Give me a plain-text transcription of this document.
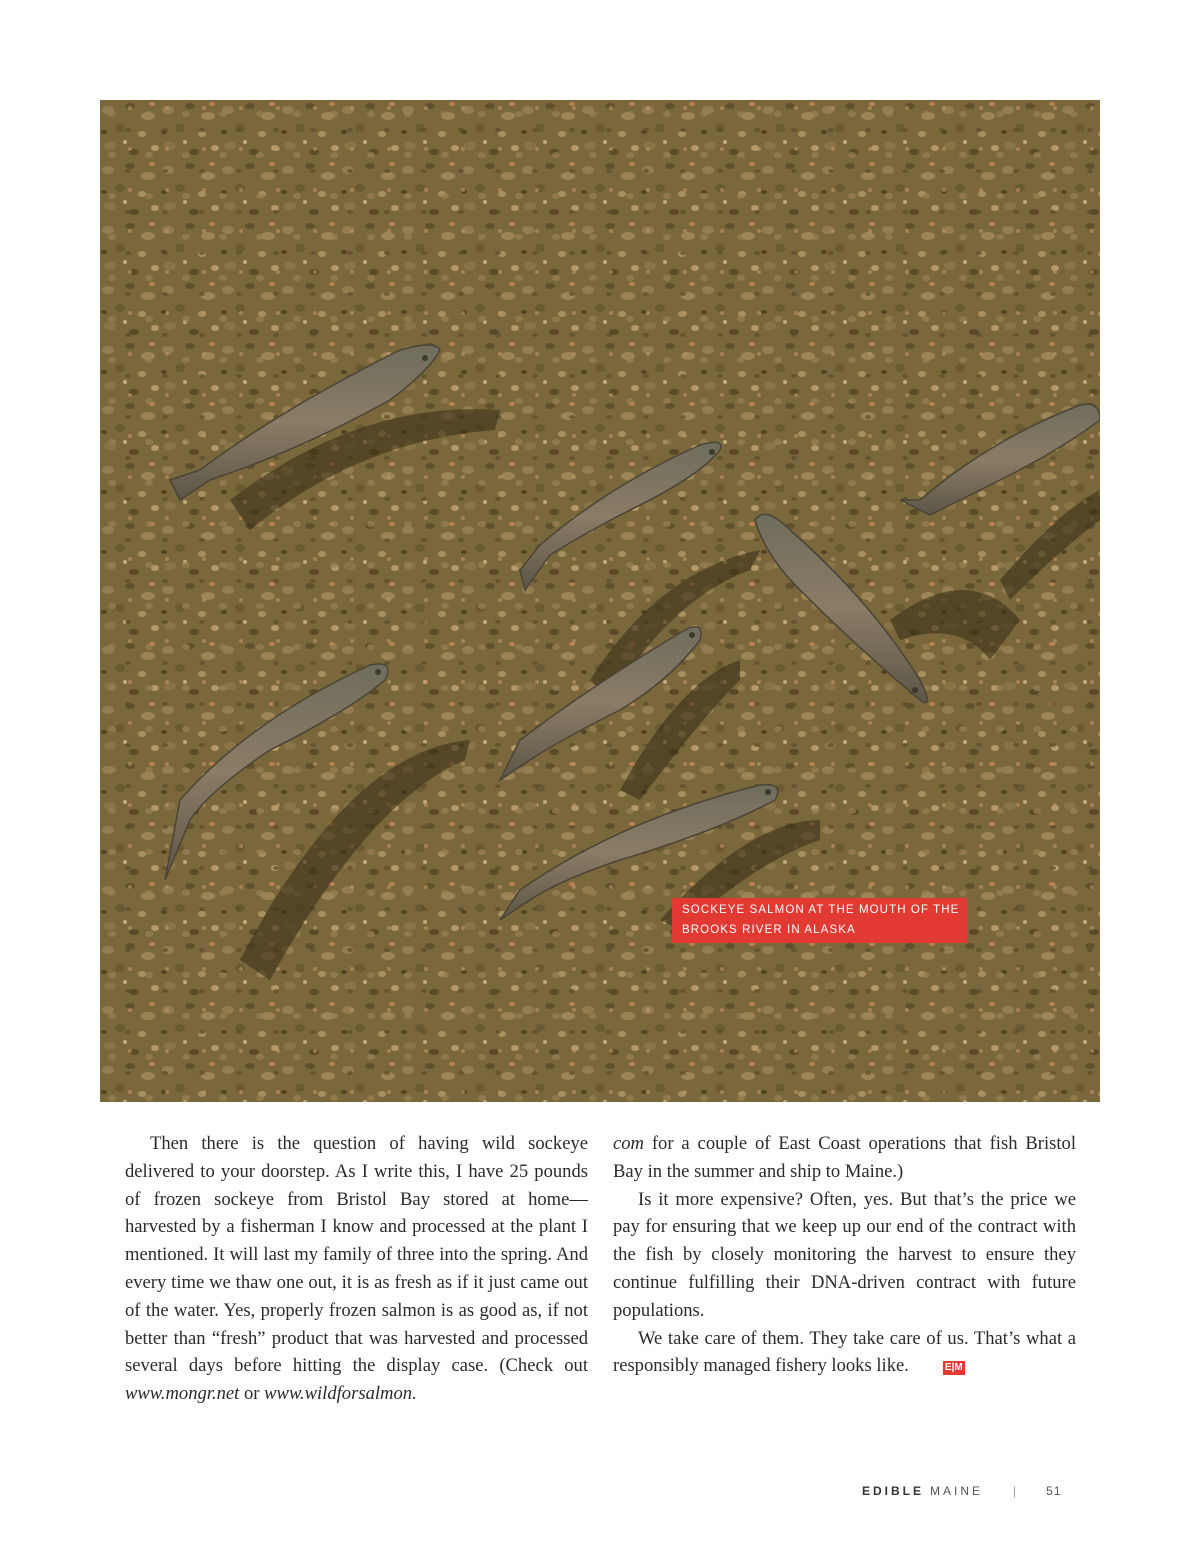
SOCKEYE SALMON AT THE MOUTH OF THE
BROOKS RIVER IN ALASKA

Then there is the question of having wild sockeye delivered to your doorstep. As I write this, I have 25 pounds of frozen sockeye from Bristol Bay stored at home—harvested by a fisherman I know and processed at the plant I mentioned. It will last my family of three into the spring. And every time we thaw one out, it is as fresh as if it just came out of the water. Yes, properly frozen salmon is as good as, if not better than “fresh” product that was harvested and processed several days before hitting the display case. (Check out www.mongr.net or www.wildforsalmon.

com for a couple of East Coast operations that fish Bristol Bay in the summer and ship to Maine.)

Is it more expensive? Often, yes. But that’s the price we pay for ensuring that we keep up our end of the contract with the fish by closely monitoring the harvest to ensure they continue fulfilling their DNA-driven contract with future populations.

We take care of them. They take care of us. That’s what a responsibly managed fishery looks like.	E|M

EDIBLE MAINE	|	51
